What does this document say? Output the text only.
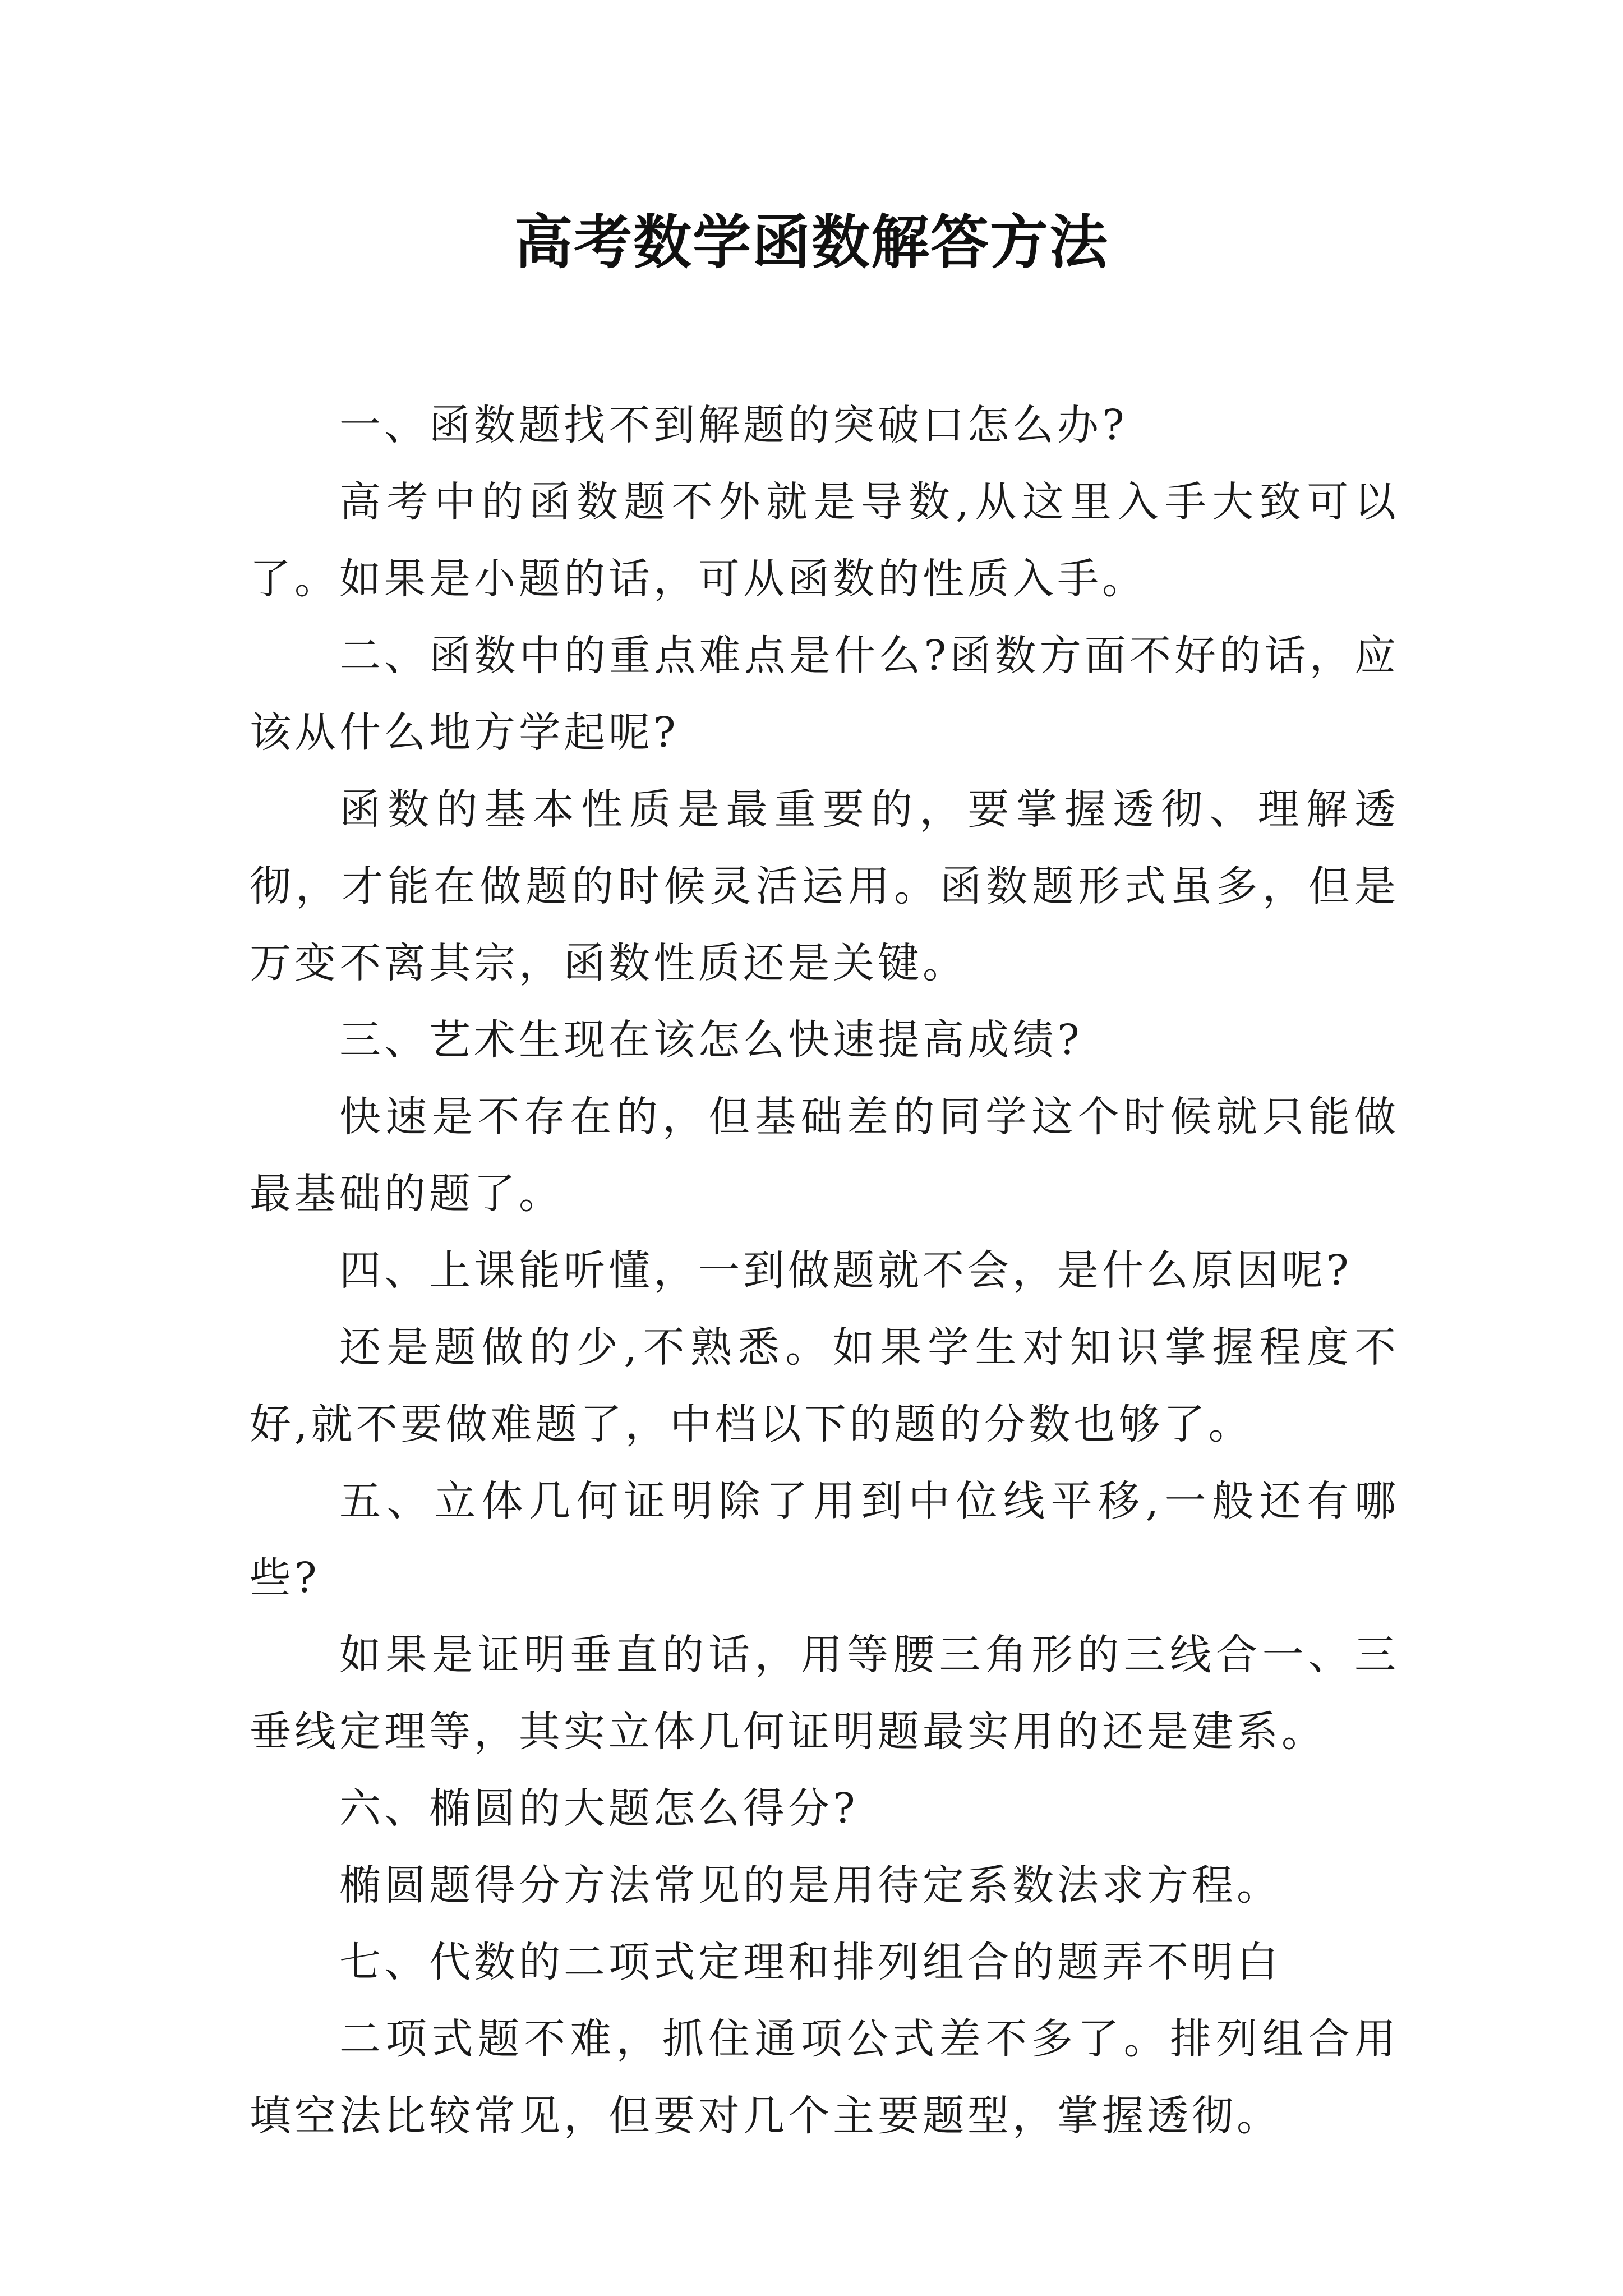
高考数学函数解答方法

一、函数题找不到解题的突破口怎么办?

高考中的函数题不外就是导数,从这里入手大致可以了。如果是小题的话，可从函数的性质入手。

二、函数中的重点难点是什么?函数方面不好的话，应该从什么地方学起呢?

函数的基本性质是最重要的，要掌握透彻、理解透彻，才能在做题的时候灵活运用。函数题形式虽多，但是万变不离其宗，函数性质还是关键。

三、艺术生现在该怎么快速提高成绩?

快速是不存在的，但基础差的同学这个时候就只能做最基础的题了。

四、上课能听懂，一到做题就不会，是什么原因呢?

还是题做的少,不熟悉。如果学生对知识掌握程度不好,就不要做难题了，中档以下的题的分数也够了。

五、立体几何证明除了用到中位线平移,一般还有哪些?

如果是证明垂直的话，用等腰三角形的三线合一、三垂线定理等，其实立体几何证明题最实用的还是建系。

六、椭圆的大题怎么得分?

椭圆题得分方法常见的是用待定系数法求方程。

七、代数的二项式定理和排列组合的题弄不明白

二项式题不难，抓住通项公式差不多了。排列组合用填空法比较常见，但要对几个主要题型，掌握透彻。
